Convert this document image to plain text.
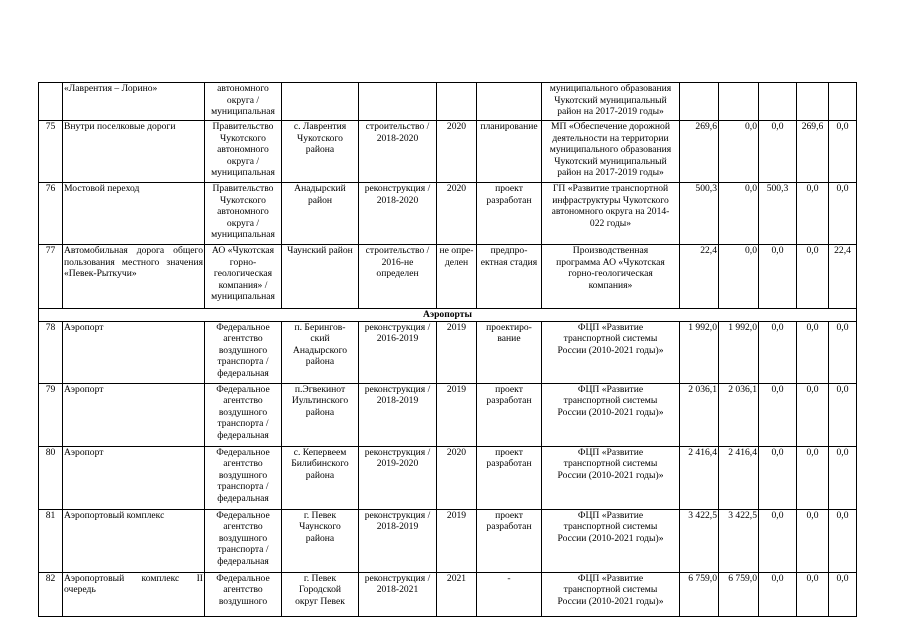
	«Лаврентия – Лорино»	автономного
округа /
муниципальная					муниципального образования
Чукотский муниципальный
район на 2017-2019 годы»					
75	Внутри поселковые дороги	Правительство
Чукотского
автономного
округа /
муниципальная	с. Лаврентия
Чукотского
района	строительство /
2018-2020	2020	планирование	МП «Обеспечение дорожной
деятельности на территории
муниципального образования
Чукотский муниципальный
район на 2017-2019 годы»	269,6	0,0	0,0	269,6	0,0
76	Мостовой переход	Правительство
Чукотского
автономного
округа /
муниципальная	Анадырский
район	реконструкция /
2018-2020	2020	проект
разработан	ГП «Развитие транспортной
инфраструктуры Чукотского
автономного округа на 2014-
022 годы»	500,3	0,0	500,3	0,0	0,0
77	Автомобильная дорога общего пользования местного значения «Певек-Рыткучи»	АО «Чукотская
горно-
геологическая
компания» /
муниципальная	Чаунский район	строительство /
2016-не
определен	не опре-
делен	предпро-
ектная стадия	Производственная
программа АО «Чукотская
горно-геологическая
компания»	22,4	0,0	0,0	0,0	22,4
Аэропорты												
78	Аэропорт	Федеральное
агентство
воздушного
транспорта /
федеральная	п. Берингов-
ский
Анадырского
района	реконструкция /
2016-2019	2019	проектиро-
вание	ФЦП «Развитие
транспортной системы
России (2010-2021 годы)»	1 992,0	1 992,0	0,0	0,0	0,0
79	Аэропорт	Федеральное
агентство
воздушного
транспорта /
федеральная	п.Эгвекинот
Иультинского
района	реконструкция /
2018-2019	2019	проект
разработан	ФЦП «Развитие
транспортной системы
России (2010-2021 годы)»	2 036,1	2 036,1	0,0	0,0	0,0
80	Аэропорт	Федеральное
агентство
воздушного
транспорта /
федеральная	с. Кепервеем
Билибинского
района	реконструкция /
2019-2020	2020	проект
разработан	ФЦП «Развитие
транспортной системы
России (2010-2021 годы)»	2 416,4	2 416,4	0,0	0,0	0,0
81	Аэропортовый комплекс	Федеральное
агентство
воздушного
транспорта /
федеральная	г. Певек
Чаунского
района	реконструкция /
2018-2019	2019	проект
разработан	ФЦП «Развитие
транспортной системы
России (2010-2021 годы)»	3 422,5	3 422,5	0,0	0,0	0,0
82	Аэропортовый комплекс II очередь	Федеральное
агентство
воздушного	г. Певек
Городской
округ Певек	реконструкция /
2018-2021	2021	-	ФЦП «Развитие
транспортной системы
России (2010-2021 годы)»	6 759,0	6 759,0	0,0	0,0	0,0
